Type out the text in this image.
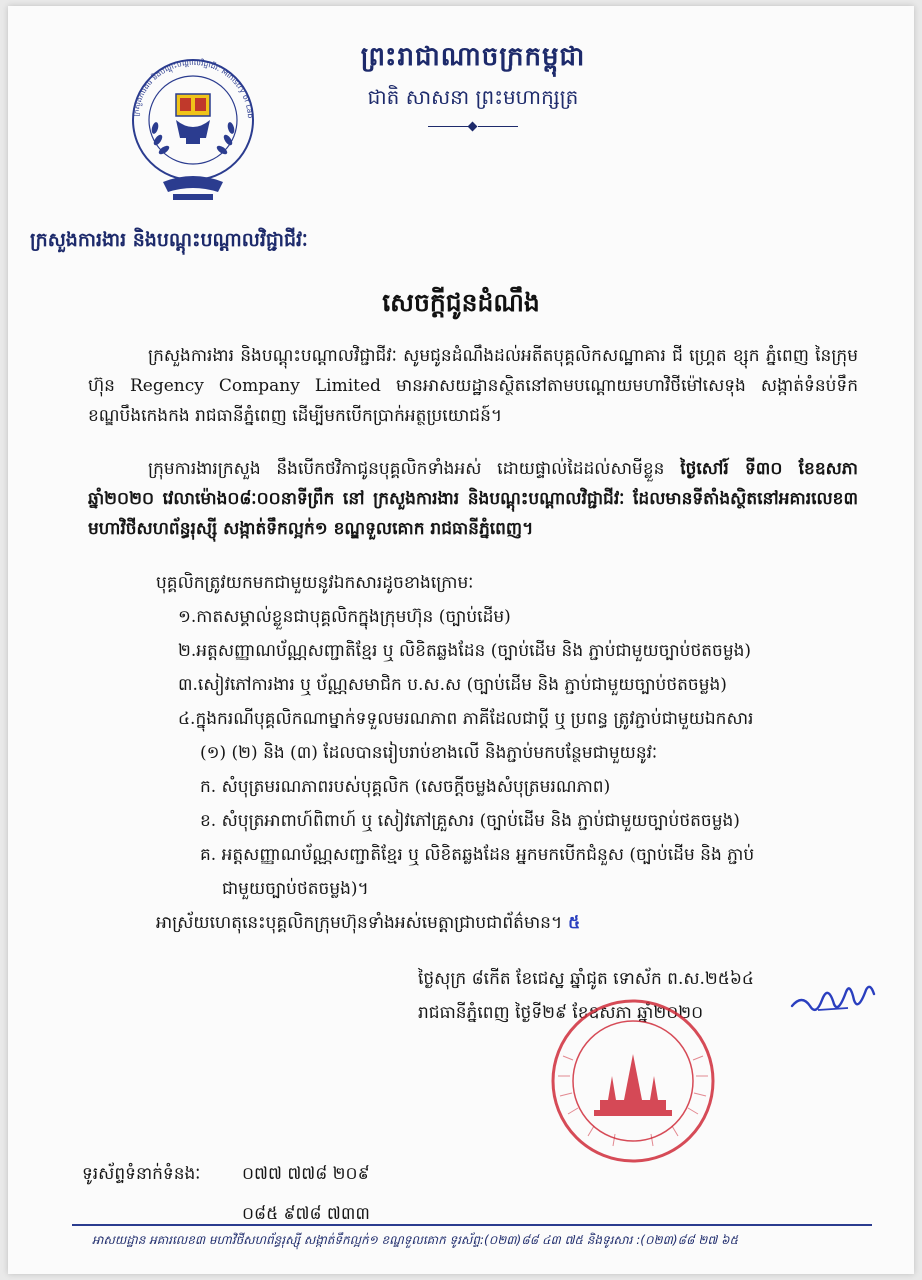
ក្រសួងការងារ និងបណ្តុះបណ្តាលវិជ្ជាជីវៈ Ministry of Lab
ព្រះរាជាណាចក្រកម្ពុជា
ជាតិ សាសនា ព្រះមហាក្សត្រ
ក្រសួងការងារ និងបណ្តុះបណ្តាលវិជ្ជាជីវៈ
សេចក្តីជូនដំណឹង
ក្រសួងការងារ និងបណ្តុះបណ្តាលវិជ្ជាជីវៈ សូមជូនដំណឹងដល់អតីតបុគ្គលិកសណ្ឋាគារ ជី ហ្រ្គេត ខ្សុក ភ្នំពេញ នៃក្រុមហ៊ុន Regency Company Limited មានអាសយដ្ឋានស្ថិតនៅតាមបណ្តោយមហាវិថីម៉ៅសេទុង សង្កាត់ទំនប់ទឹក ខណ្ឌបឹងកេងកង រាជធានីភ្នំពេញ ដើម្បីមកបើកប្រាក់អត្ថប្រយោជន៍។
ក្រុមការងារក្រសួង នឹងបើកថវិកាជូនបុគ្គលិកទាំងអស់ ដោយផ្ទាល់ដៃដល់សាមីខ្លួន ថ្ងៃសៅរ៍ ទី៣០ ខែឧសភា ឆ្នាំ២០២០ វេលាម៉ោង០៨ៈ០០នាទីព្រឹក នៅ ក្រសួងការងារ និងបណ្តុះបណ្តាលវិជ្ជាជីវៈ ដែលមានទីតាំងស្ថិតនៅអគារលេខ៣ មហាវិថីសហព័ន្ធរុស្ស៊ី សង្កាត់ទឹកល្អក់១ ខណ្ឌទួលគោក រាជធានីភ្នំពេញ។
បុគ្គលិកត្រូវយកមកជាមួយនូវឯកសារដូចខាងក្រោមៈ
១.កាតសម្គាល់ខ្លួនជាបុគ្គលិកក្នុងក្រុមហ៊ុន (ច្បាប់ដើម)
២.អត្តសញ្ញាណប័ណ្ណសញ្ជាតិខ្មែរ ឬ លិខិតឆ្លងដែន (ច្បាប់ដើម និង ភ្ជាប់ជាមួយច្បាប់ថតចម្លង)
៣.សៀវភៅការងារ ឬ ប័ណ្ណសមាជិក ប.ស.ស (ច្បាប់ដើម និង ភ្ជាប់ជាមួយច្បាប់ថតចម្លង)
៤.ក្នុងករណីបុគ្គលិកណាម្នាក់ទទួលមរណភាព ភាគីដែលជាប្តី ឬ ប្រពន្ធ ត្រូវភ្ជាប់ជាមួយឯកសារ
(១) (២) និង (៣) ដែលបានរៀបរាប់ខាងលើ និងភ្ជាប់មកបន្ថែមជាមួយនូវៈ
ក. សំបុត្រមរណភាពរបស់បុគ្គលិក (សេចក្តីចម្លងសំបុត្រមរណភាព)
ខ. សំបុត្រអាពាហ៍ពិពាហ៍ ឬ សៀវភៅគ្រួសារ (ច្បាប់ដើម និង ភ្ជាប់ជាមួយច្បាប់ថតចម្លង)
គ. អត្តសញ្ញាណប័ណ្ណសញ្ជាតិខ្មែរ ឬ លិខិតឆ្លងដែន អ្នកមកបើកជំនួស (ច្បាប់ដើម និង ភ្ជាប់
ជាមួយច្បាប់ថតចម្លង)។
អាស្រ័យហេតុនេះបុគ្គលិកក្រុមហ៊ុនទាំងអស់មេត្តាជ្រាបជាព័ត៌មាន។ ៥
ថ្ងៃសុក្រ ៨កើត ខែជេស្ឋ ឆ្នាំជូត ទោស័ក ព.ស.២៥៦៤
រាជធានីភ្នំពេញ ថ្ងៃទី២៩ ខែឧសភា ឆ្នាំ២០២០
ទូរស័ព្ទទំនាក់ទំនងៈ ០៧៧ ៧៧៨ ២០៩
០៨៥ ៩៧៨ ៧៣៣
អាសយដ្ឋាន អគារលេខ៣ មហាវិថីសហព័ន្ធរុស្ស៊ី សង្កាត់ទឹកល្អក់១ ខណ្ឌទួលគោក ទូរស័ព្ទ:(០២៣)៨៨ ៤៣ ៧៥ និងទូរសារ :(០២៣)៨៨ ២៧ ៦៥
